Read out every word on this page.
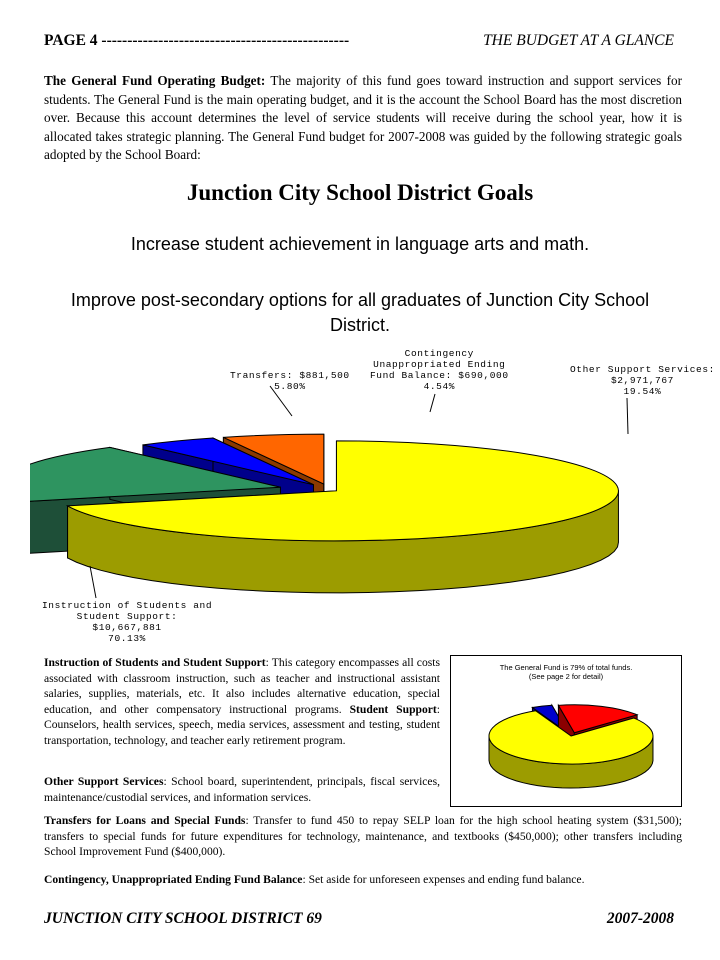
PAGE 4 ------------------------------------------------	THE BUDGET AT A GLANCE
The General Fund Operating Budget: The majority of this fund goes toward instruction and support services for students. The General Fund is the main operating budget, and it is the account the School Board has the most discretion over. Because this account determines the level of service students will receive during the school year, how it is allocated takes strategic planning. The General Fund budget for 2007-2008 was guided by the following strategic goals adopted by the School Board:
Junction City School District Goals
Increase student achievement in language arts and math.
Improve post-secondary options for all graduates of Junction City School District.
Transfers: $881,500
5.80%
Contingency
Unappropriated Ending
Fund Balance: $690,000
4.54%
Other Support Services:
$2,971,767
19.54%
Instruction of Students and
Student Support:
$10,667,881
70.13%
Instruction of Students and Student Support: This category encompasses all costs associated with classroom instruction, such as teacher and instructional assistant salaries, supplies, materials, etc. It also includes alternative education, special education, and other compensatory instructional programs. Student Support: Counselors, health services, speech, media services, assessment and testing, student transportation, technology, and teacher early retirement program.
The General Fund is 79% of total funds.
(See page 2 for detail)
Other Support Services: School board, superintendent, principals, fiscal services, maintenance/custodial services, and information services.
Transfers for Loans and Special Funds: Transfer to fund 450 to repay SELP loan for the high school heating system ($31,500); transfers to special funds for future expenditures for technology, maintenance, and textbooks ($450,000); other transfers including School Improvement Fund ($400,000).
Contingency, Unappropriated Ending Fund Balance: Set aside for unforeseen expenses and ending fund balance.
JUNCTION CITY SCHOOL DISTRICT 69	2007-2008
